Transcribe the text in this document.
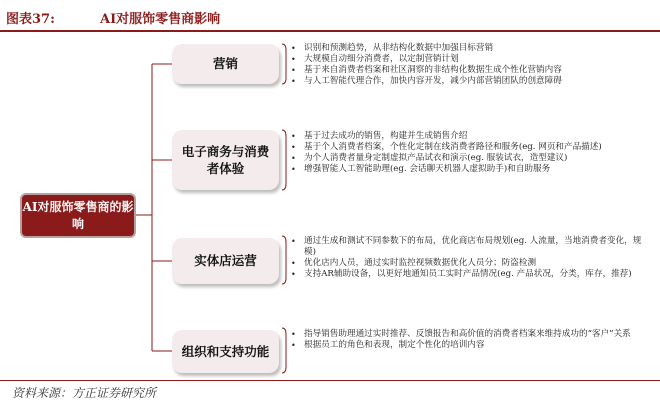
图表37:	AI对服饰零售商影响
AI对服饰零售商的影响
营销
电子商务与消费者体验
实体店运营
组织和支持功能
• 识别和预测趋势，从非结构化数据中加强目标营销
• 大规模自动细分消费者，以定制营销计划
• 基于来自消费者档案和社区洞察的非结构化数据生成个性化营销内容
• 与人工智能代理合作，加快内容开发，减少内部营销团队的创意障碍
• 基于过去成功的销售，构建并生成销售介绍
• 基于个人消费者档案，个性化定制在线消费者路径和服务(eg. 网页和产品描述)
• 为个人消费者量身定制虚拟产品试衣和演示(eg. 服装试衣，造型建议)
• 增强智能人工智能助理(eg. 会话聊天机器人虚拟助手)和自助服务
• 通过生成和测试不同参数下的布局，优化商店布局规划(eg. 人流量，当地消费者变化，规模)
• 优化店内人员，通过实时监控视频数据优化人员分；防盗检测
• 支持AR辅助设备，以更好地通知员工实时产品情况(eg. 产品状况，分类，库存，推荐)
• 指导销售助理通过实时推荐、反馈报告和高价值的消费者档案来维持成功的“客户”关系
• 根据员工的角色和表现，制定个性化的培训内容
资料来源：方正证券研究所
